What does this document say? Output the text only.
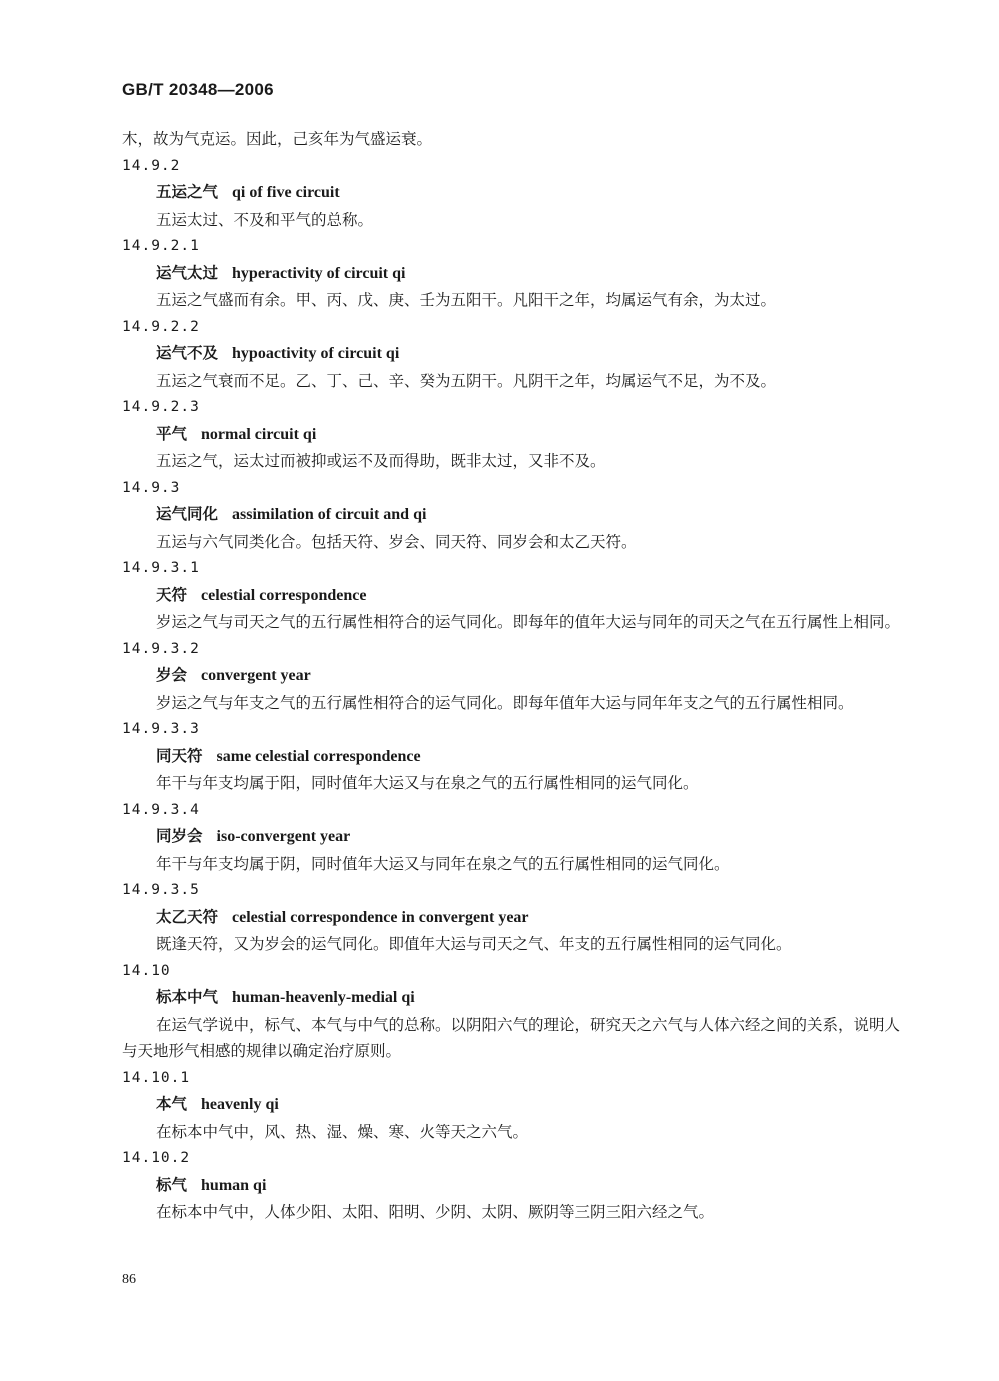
GB/T 20348—2006
木，故为气克运。因此，己亥年为气盛运衰。
14.9.2
五运之气 qi of five circuit

五运太过、不及和平气的总称。

14.9.2.1
运气太过 hyperactivity of circuit qi

五运之气盛而有余。甲、丙、戊、庚、壬为五阳干。凡阳干之年，均属运气有余，为太过。

14.9.2.2
运气不及 hypoactivity of circuit qi

五运之气衰而不足。乙、丁、己、辛、癸为五阴干。凡阴干之年，均属运气不足，为不及。

14.9.2.3
平气 normal circuit qi

五运之气，运太过而被抑或运不及而得助，既非太过，又非不及。

14.9.3
运气同化 assimilation of circuit and qi

五运与六气同类化合。包括天符、岁会、同天符、同岁会和太乙天符。

14.9.3.1
天符 celestial correspondence

岁运之气与司天之气的五行属性相符合的运气同化。即每年的值年大运与同年的司天之气在五行属性上相同。

14.9.3.2
岁会 convergent year

岁运之气与年支之气的五行属性相符合的运气同化。即每年值年大运与同年年支之气的五行属性相同。

14.9.3.3
同天符 same celestial correspondence

年干与年支均属于阳，同时值年大运又与在泉之气的五行属性相同的运气同化。

14.9.3.4
同岁会 iso-convergent year

年干与年支均属于阴，同时值年大运又与同年在泉之气的五行属性相同的运气同化。

14.9.3.5
太乙天符 celestial correspondence in convergent year

既逢天符，又为岁会的运气同化。即值年大运与司天之气、年支的五行属性相同的运气同化。

14.10
标本中气 human-heavenly-medial qi

在运气学说中，标气、本气与中气的总称。以阴阳六气的理论，研究天之六气与人体六经之间的关系，说明人与天地形气相感的规律以确定治疗原则。

14.10.1
本气 heavenly qi

在标本中气中，风、热、湿、燥、寒、火等天之六气。

14.10.2
标气 human qi

在标本中气中，人体少阳、太阳、阳明、少阴、太阴、厥阴等三阴三阳六经之气。

86
